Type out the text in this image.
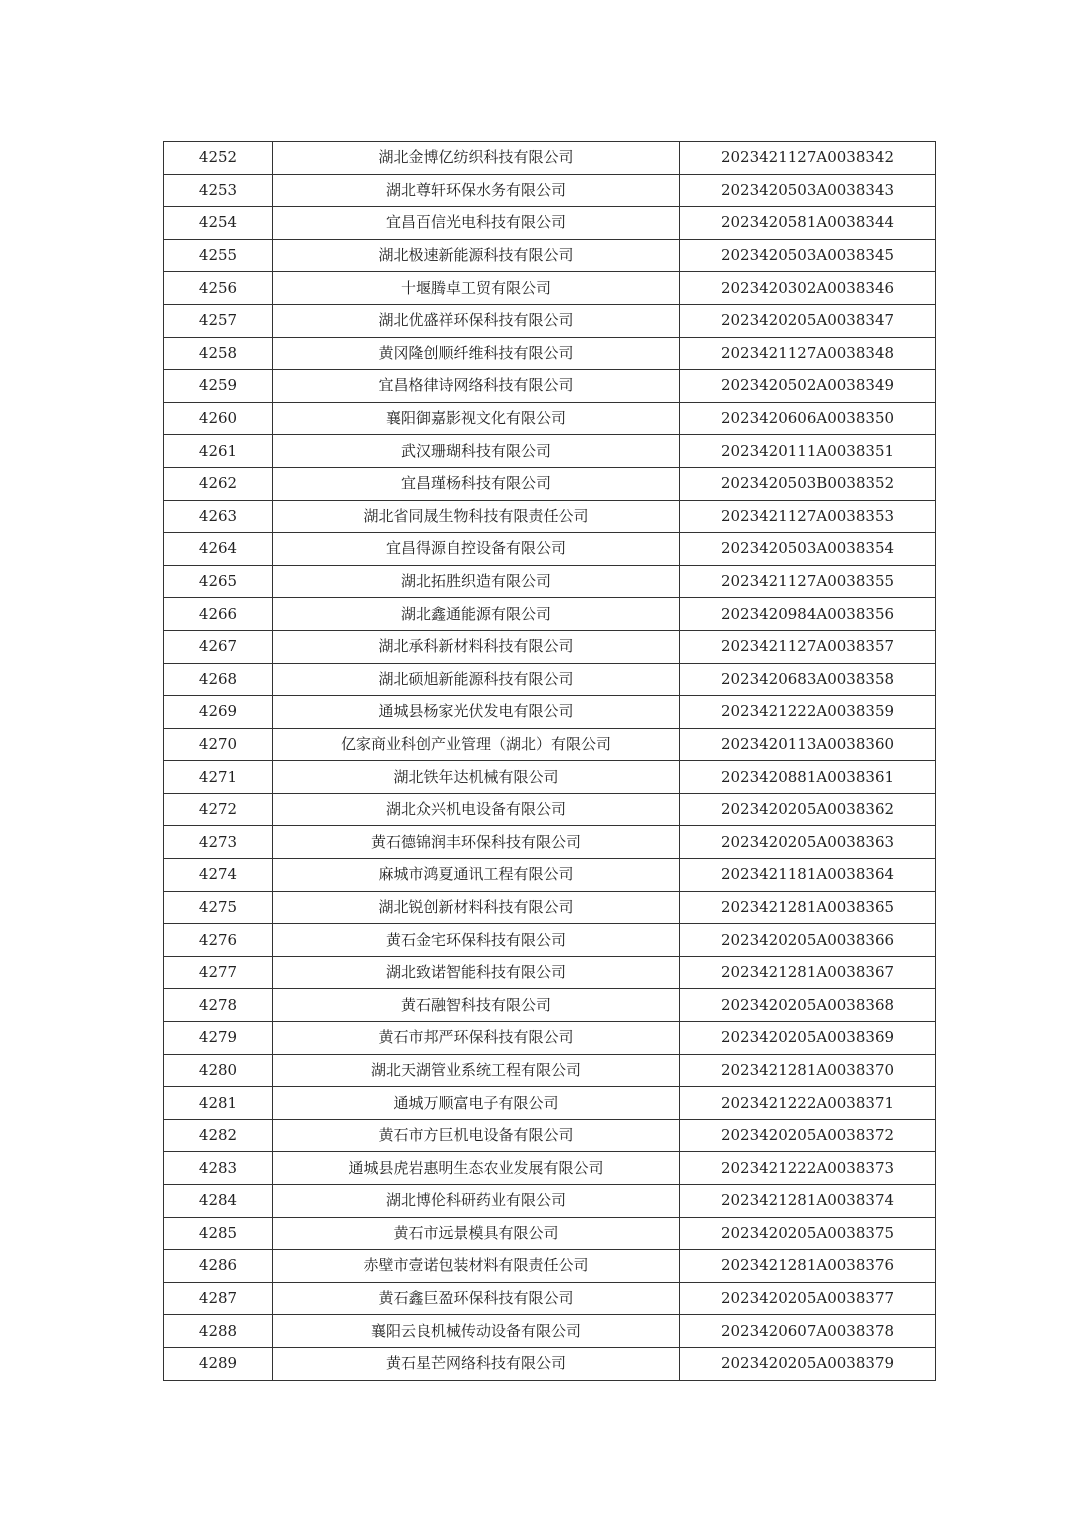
4252	湖北金博亿纺织科技有限公司	2023421127A0038342
4253	湖北尊轩环保水务有限公司	2023420503A0038343
4254	宜昌百信光电科技有限公司	2023420581A0038344
4255	湖北极速新能源科技有限公司	2023420503A0038345
4256	十堰腾卓工贸有限公司	2023420302A0038346
4257	湖北优盛祥环保科技有限公司	2023420205A0038347
4258	黄冈隆创顺纤维科技有限公司	2023421127A0038348
4259	宜昌格律诗网络科技有限公司	2023420502A0038349
4260	襄阳御嘉影视文化有限公司	2023420606A0038350
4261	武汉珊瑚科技有限公司	2023420111A0038351
4262	宜昌瑾杨科技有限公司	2023420503B0038352
4263	湖北省同晟生物科技有限责任公司	2023421127A0038353
4264	宜昌得源自控设备有限公司	2023420503A0038354
4265	湖北拓胜织造有限公司	2023421127A0038355
4266	湖北鑫通能源有限公司	2023420984A0038356
4267	湖北承科新材料科技有限公司	2023421127A0038357
4268	湖北硕旭新能源科技有限公司	2023420683A0038358
4269	通城县杨家光伏发电有限公司	2023421222A0038359
4270	亿家商业科创产业管理（湖北）有限公司	2023420113A0038360
4271	湖北铁年达机械有限公司	2023420881A0038361
4272	湖北众兴机电设备有限公司	2023420205A0038362
4273	黄石德锦润丰环保科技有限公司	2023420205A0038363
4274	麻城市鸿夏通讯工程有限公司	2023421181A0038364
4275	湖北锐创新材料科技有限公司	2023421281A0038365
4276	黄石金宅环保科技有限公司	2023420205A0038366
4277	湖北致诺智能科技有限公司	2023421281A0038367
4278	黄石融智科技有限公司	2023420205A0038368
4279	黄石市邦严环保科技有限公司	2023420205A0038369
4280	湖北天湖管业系统工程有限公司	2023421281A0038370
4281	通城万顺富电子有限公司	2023421222A0038371
4282	黄石市方巨机电设备有限公司	2023420205A0038372
4283	通城县虎岩惠明生态农业发展有限公司	2023421222A0038373
4284	湖北博伦科研药业有限公司	2023421281A0038374
4285	黄石市远景模具有限公司	2023420205A0038375
4286	赤壁市壹诺包装材料有限责任公司	2023421281A0038376
4287	黄石鑫巨盈环保科技有限公司	2023420205A0038377
4288	襄阳云良机械传动设备有限公司	2023420607A0038378
4289	黄石星芒网络科技有限公司	2023420205A0038379
